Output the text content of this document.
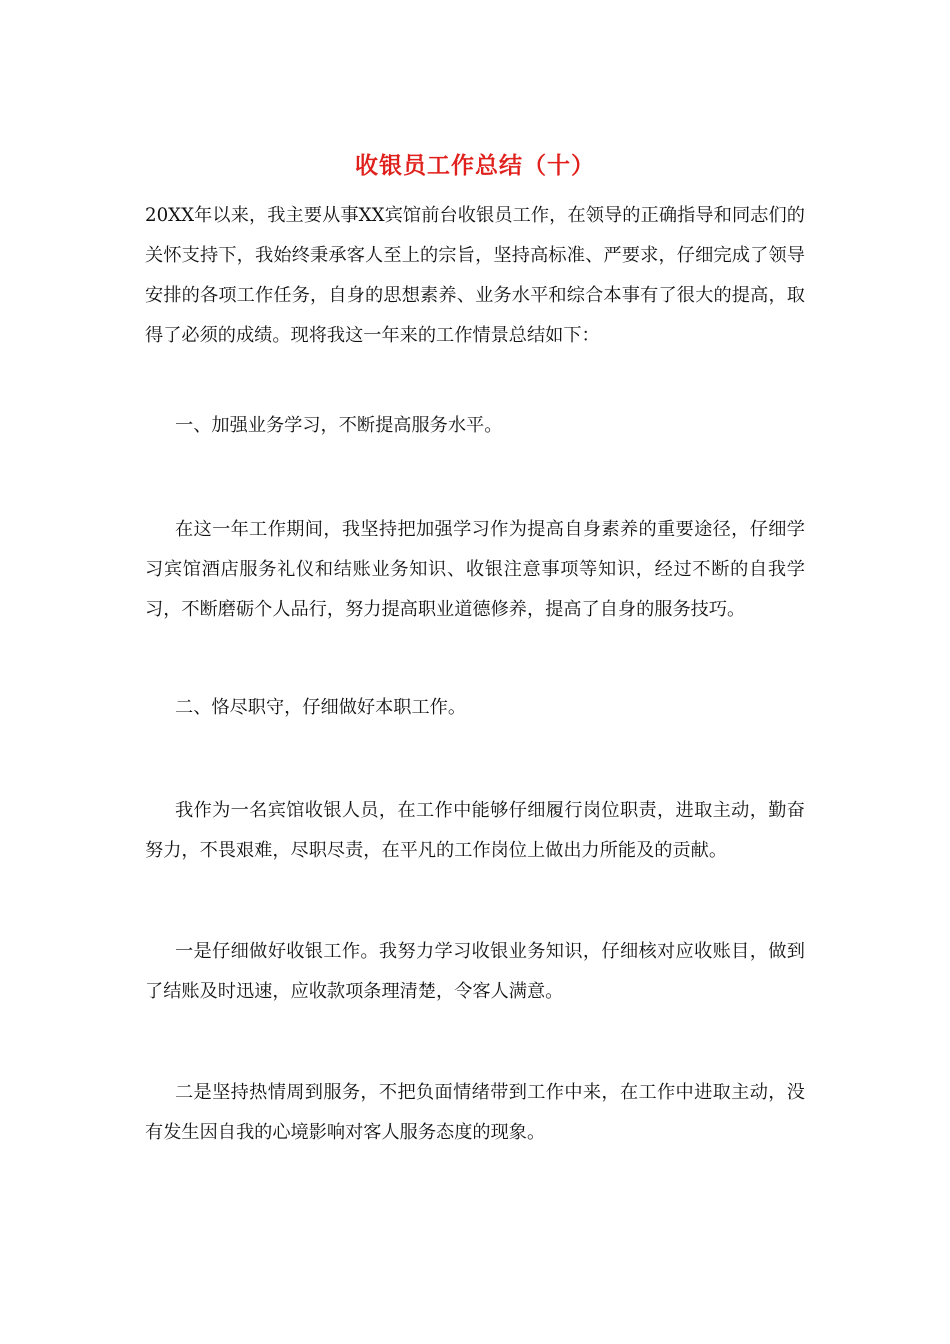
收银员工作总结（十）

20XX年以来，我主要从事XX宾馆前台收银员工作，在领导的正确指导和同志们的关怀支持下，我始终秉承客人至上的宗旨，坚持高标准、严要求，仔细完成了领导安排的各项工作任务，自身的思想素养、业务水平和综合本事有了很大的提高，取得了必须的成绩。现将我这一年来的工作情景总结如下：

一、加强业务学习，不断提高服务水平。

在这一年工作期间，我坚持把加强学习作为提高自身素养的重要途径，仔细学习宾馆酒店服务礼仪和结账业务知识、收银注意事项等知识，经过不断的自我学习，不断磨砺个人品行，努力提高职业道德修养，提高了自身的服务技巧。

二、恪尽职守，仔细做好本职工作。

我作为一名宾馆收银人员，在工作中能够仔细履行岗位职责，进取主动，勤奋努力，不畏艰难，尽职尽责，在平凡的工作岗位上做出力所能及的贡献。

一是仔细做好收银工作。我努力学习收银业务知识，仔细核对应收账目，做到了结账及时迅速，应收款项条理清楚，令客人满意。

二是坚持热情周到服务，不把负面情绪带到工作中来，在工作中进取主动，没有发生因自我的心境影响对客人服务态度的现象。
